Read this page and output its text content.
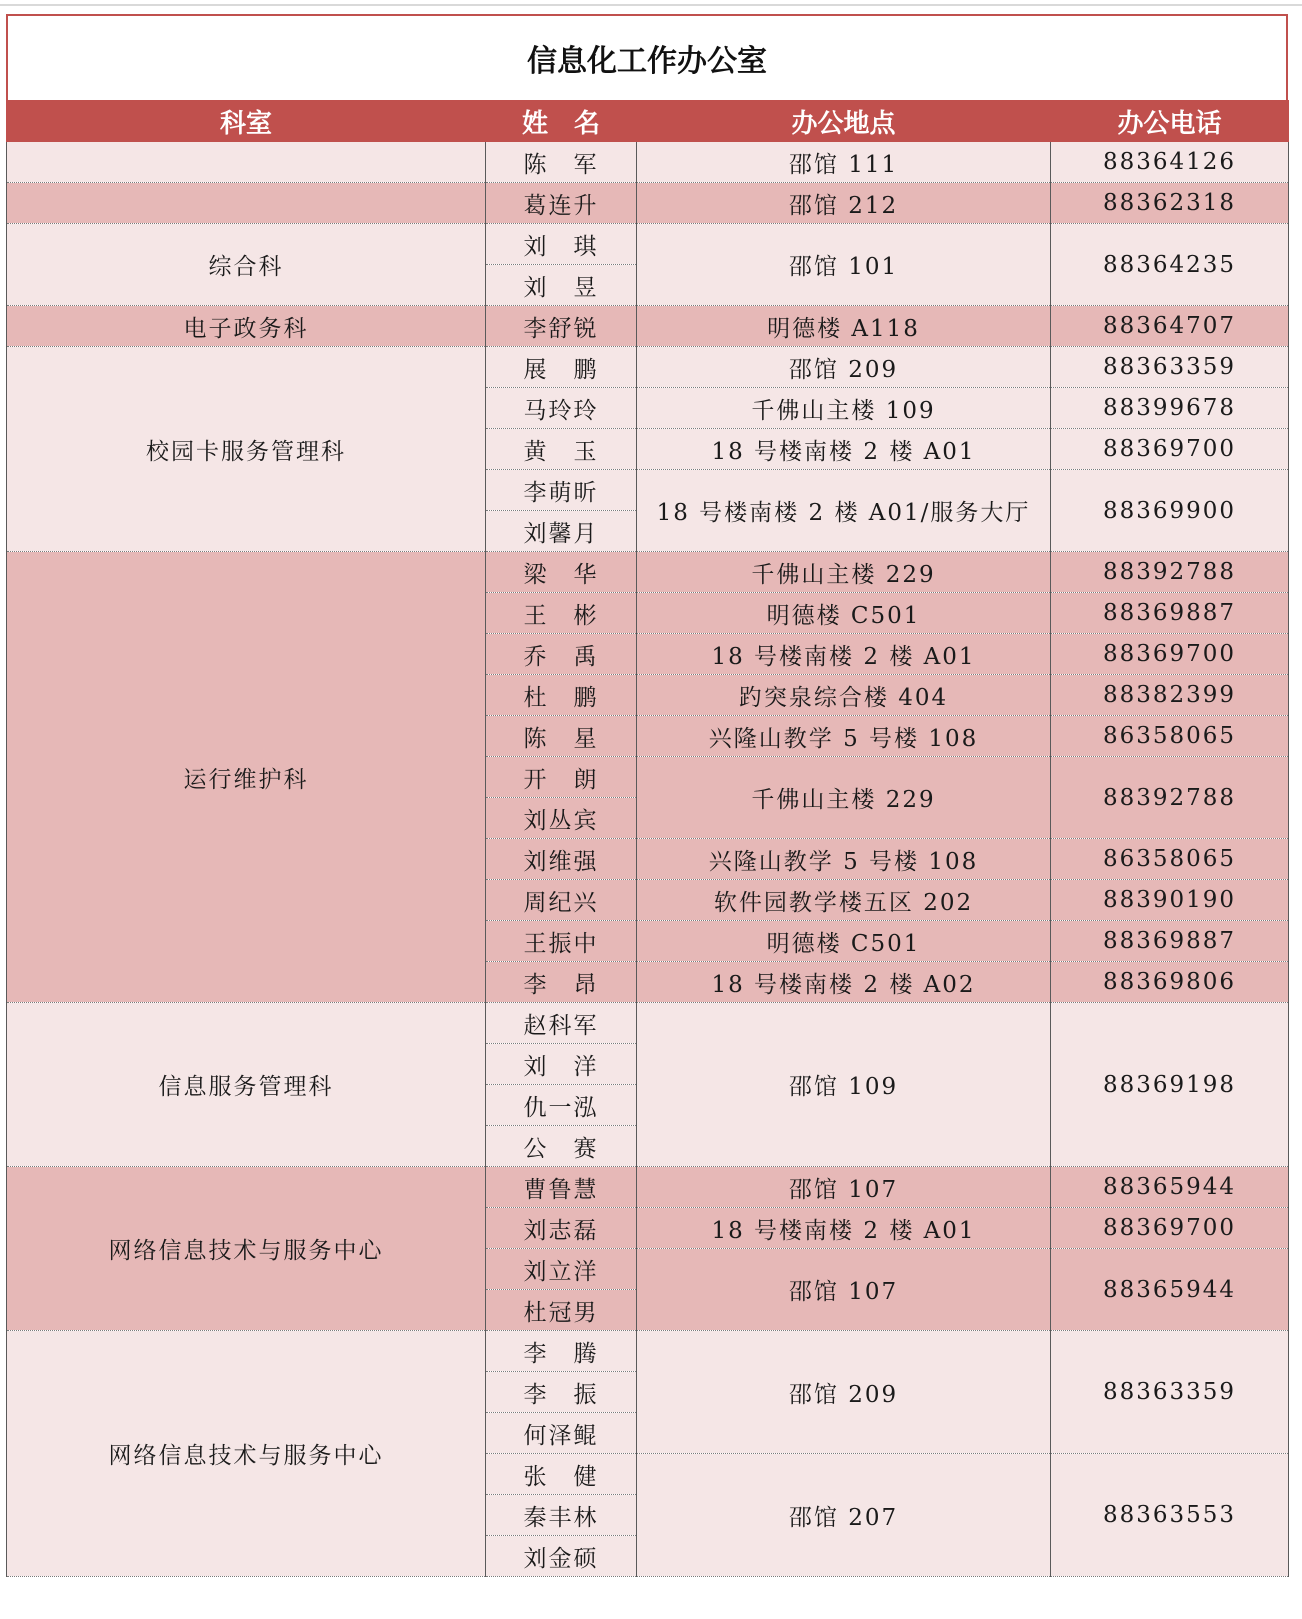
信息化工作办公室
科室	姓　名	办公地点	办公电话
	陈　军	邵馆 111	88364126
	葛连升	邵馆 212	88362318
综合科	刘　琪	邵馆 101	88364235
	刘　昱		
电子政务科	李舒锐	明德楼 A118	88364707
校园卡服务管理科	展　鹏	邵馆 209	88363359
	马玲玲	千佛山主楼 109	88399678
	黄　玉	18 号楼南楼 2 楼 A01	88369700
	李萌昕	18 号楼南楼 2 楼 A01/服务大厅	88369900
	刘馨月		
运行维护科	梁　华	千佛山主楼 229	88392788
	王　彬	明德楼 C501	88369887
	乔　禹	18 号楼南楼 2 楼 A01	88369700
	杜　鹏	趵突泉综合楼 404	88382399
	陈　星	兴隆山教学 5 号楼 108	86358065
	开　朗	千佛山主楼 229	88392788
	刘丛宾		
	刘维强	兴隆山教学 5 号楼 108	86358065
	周纪兴	软件园教学楼五区 202	88390190
	王振中	明德楼 C501	88369887
	李　昂	18 号楼南楼 2 楼 A02	88369806
信息服务管理科	赵科军	邵馆 109	88369198
	刘　洋		
	仇一泓		
	公　赛		
网络信息技术与服务中心	曹鲁慧	邵馆 107	88365944
	刘志磊	18 号楼南楼 2 楼 A01	88369700
	刘立洋	邵馆 107	88365944
	杜冠男		
网络信息技术与服务中心	李　腾	邵馆 209	88363359
	李　振		
	何泽鲲		
	张　健	邵馆 207	88363553
	秦丰林		
	刘金硕		
